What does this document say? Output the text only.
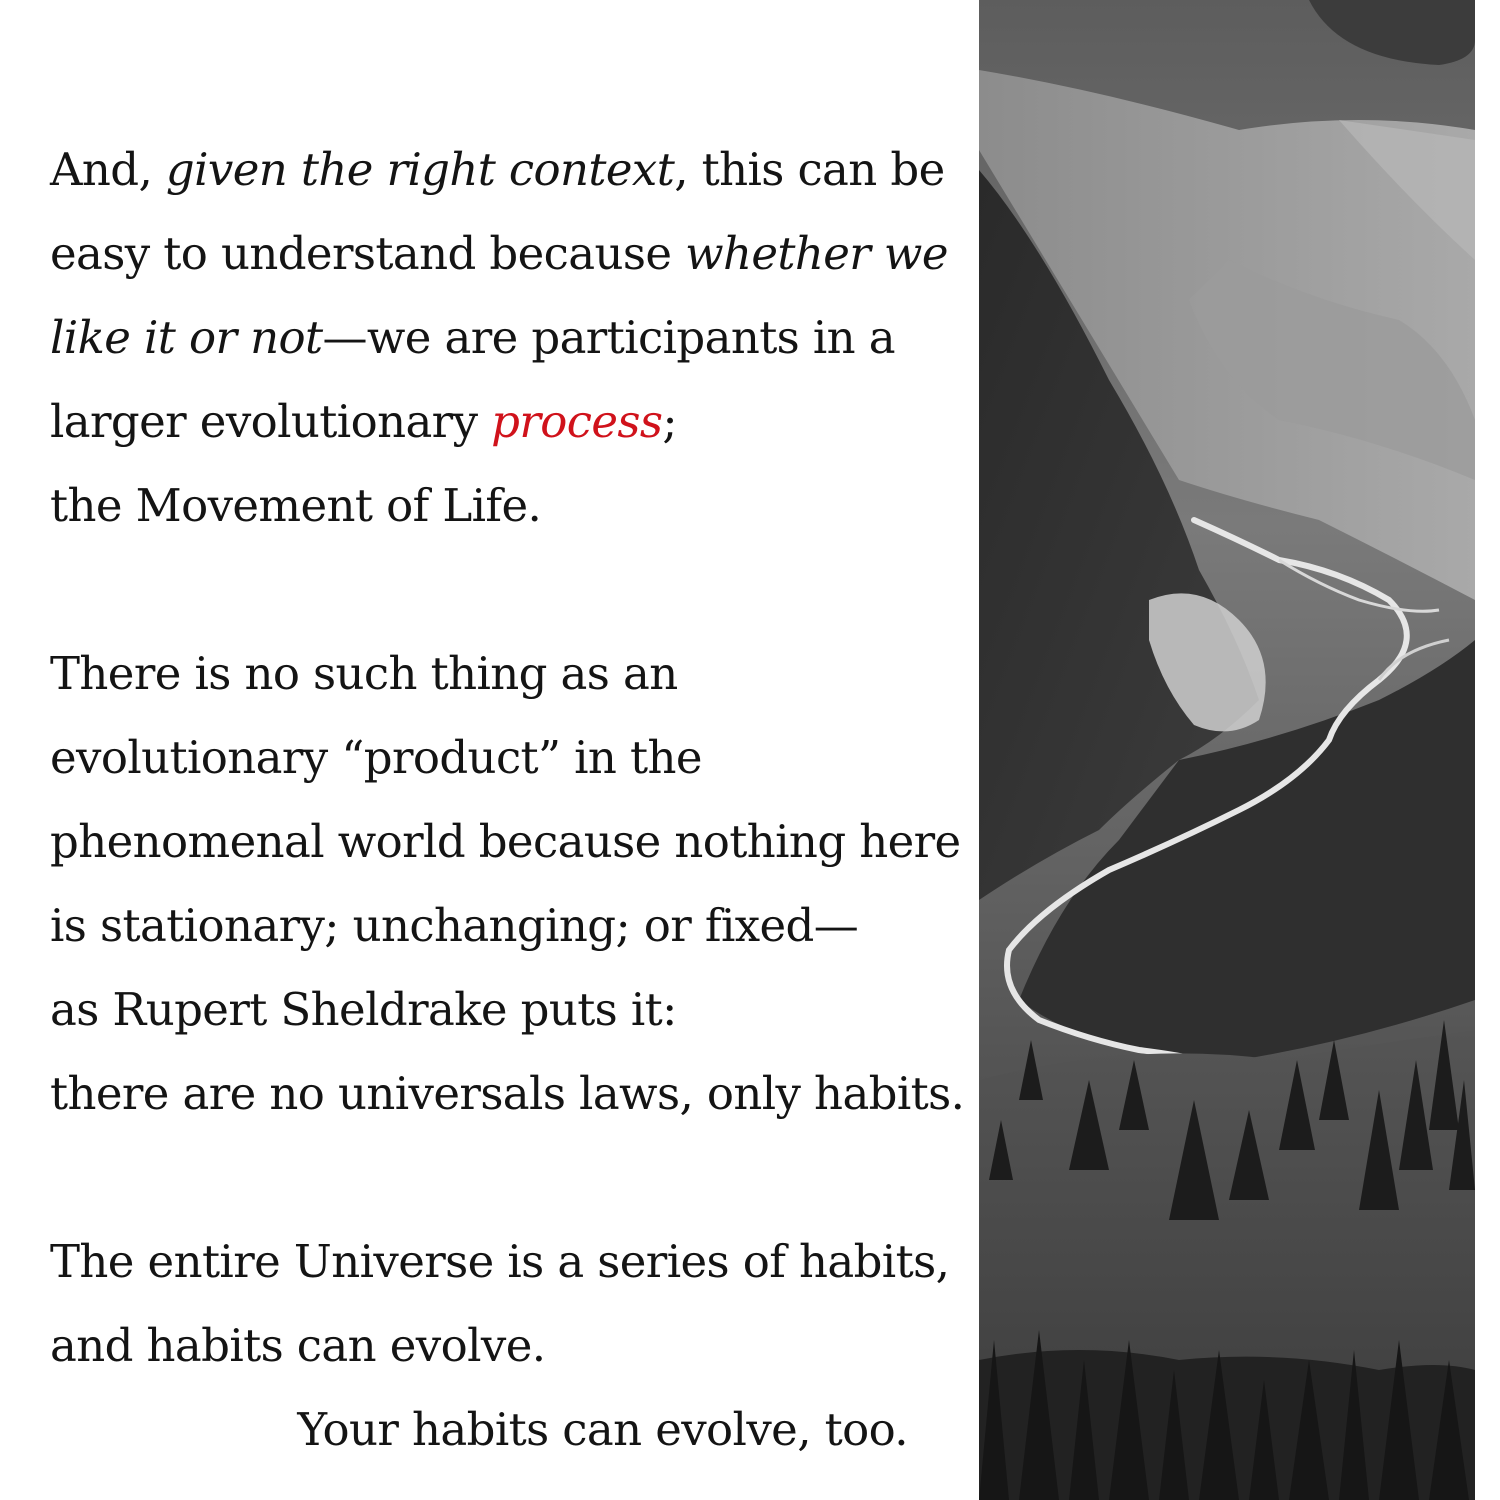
And, given the right context, this can be
easy to understand because whether we
like it or not—we are participants in a
larger evolutionary process;
the Movement of Life.
There is no such thing as an
evolutionary “product” in the
phenomenal world because nothing here
is stationary; unchanging; or fixed—
as Rupert Sheldrake puts it:
there are no universals laws, only habits.
The entire Universe is a series of habits,
and habits can evolve.
Your habits can evolve, too.
